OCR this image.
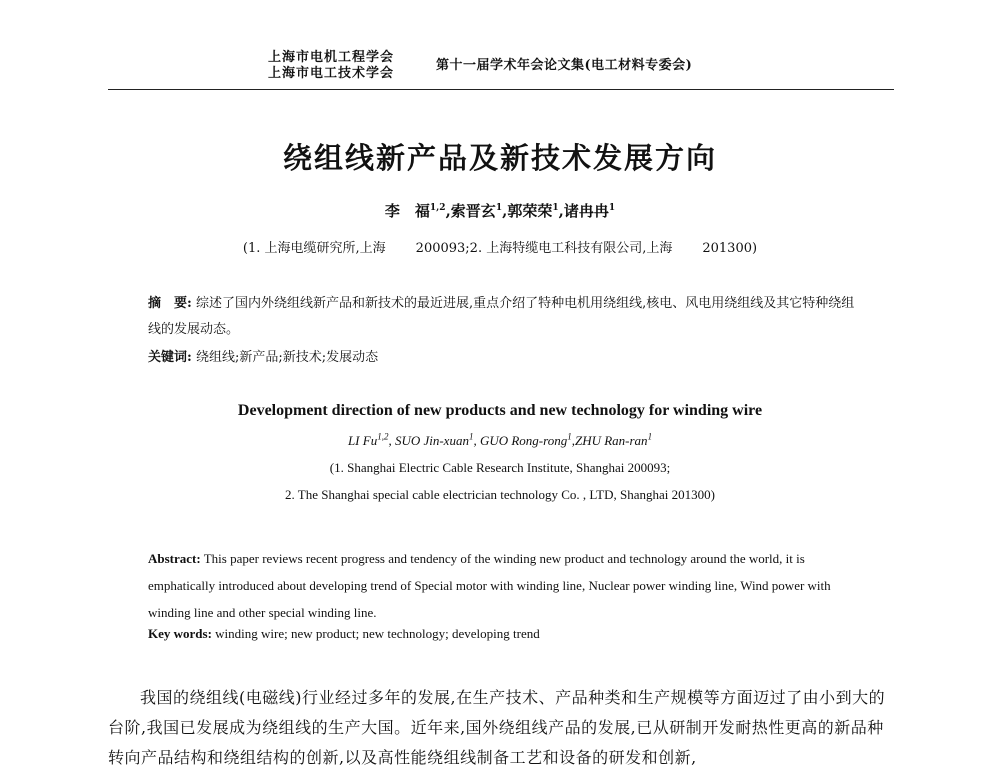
上海市电机工程学会
上海市电工技术学会
第十一届学术年会论文集(电工材料专委会)
绕组线新产品及新技术发展方向
李　福$^{1,2}$,索晋玄$^1$,郭荣荣$^1$,诸冉冉$^1$
(1. 上海电缆研究所,上海 200093;2. 上海特缆电工科技有限公司,上海 201300)
摘　要: 综述了国内外绕组线新产品和新技术的最近进展,重点介绍了特种电机用绕组线,核电、风电用绕组线及其它特种绕组线的发展动态。
关键词: 绕组线;新产品;新技术;发展动态
Development direction of new products and new technology for winding wire
LI Fu$^{1,2}$, SUO Jin-xuan$^1$, GUO Rong-rong$^1$,ZHU Ran-ran$^1$
(1. Shanghai Electric Cable Research Institute, Shanghai 200093;
2. The Shanghai special cable electrician technology Co. , LTD, Shanghai 201300)
Abstract: This paper reviews recent progress and tendency of the winding new product and technology around the world, it is emphatically introduced about developing trend of Special motor with winding line, Nuclear power winding line, Wind power with winding line and other special winding line.
Key words: winding wire; new product; new technology; developing trend
我国的绕组线(电磁线)行业经过多年的发展,在生产技术、产品种类和生产规模等方面迈过了由小到大的台阶,我国已发展成为绕组线的生产大国。近年来,国外绕组线产品的发展,已从研制开发耐热性更高的新品种转向产品结构和绕组结构的创新,以及高性能绕组线制备工艺和设备的研发和创新,
